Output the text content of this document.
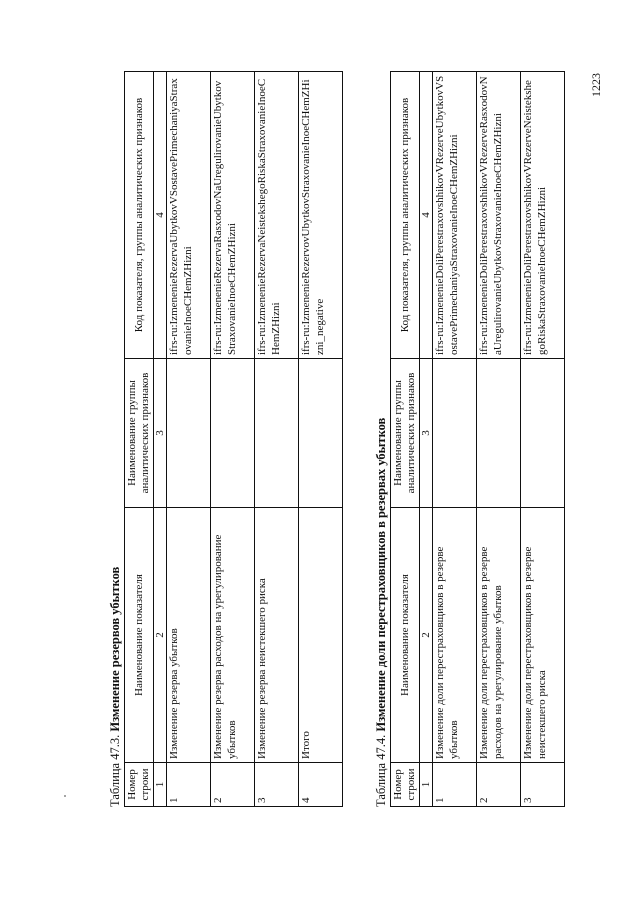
Таблица 47.3. Изменение резервов убытков
Номер строки	Наименование показателя	Наименование группы аналитических признаков	Код показателя, группы аналитических признаков
1	2	3	4
1	Изменение резерва убытков		ifrs-ru:IzmenenieRezervaUbytkovVSostavePrimechaniyaStraxovanieInoeCHemZHizni
2	Изменение резерва расходов на урегулирование убытков		ifrs-ru:IzmenenieRezervaRasxodovNaUregulirovanieUbytkovStraxovanieInoeCHemZHizni
3	Изменение резерва неистекшего риска		ifrs-ru:IzmenenieRezervaNeistekshegoRiskaStraxovanieInoeCHemZHizni
4	Итого		ifrs-ru:IzmenenieRezervovUbytkovStraxovanieInoeCHemZHizni_negative
Таблица 47.4. Изменение доли перестраховщиков в резервах убытков
Номер строки	Наименование показателя	Наименование группы аналитических признаков	Код показателя, группы аналитических признаков
1	2	3	4
1	Изменение доли перестраховщиков в резерве убытков		ifrs-ru:IzmenenieDoliPerestraxovshhikovVRezerveUbytkovVSostavePrimechaniyaStraxovanieInoeCHemZHizni
2	Изменение доли перестраховщиков в резерве расходов на урегулирование убытков		ifrs-ru:IzmenenieDoliPerestraxovshhikovVRezerveRasxodovNaUregulirovanieUbytkovStraxovanieInoeCHemZHizni
3	Изменение доли перестраховщиков в резерве неистекшего риска		ifrs-ru:IzmenenieDoliPerestraxovshhikovVRezerveNeistekshegoRiskaStraxovanieInoeCHemZHizni
1223
